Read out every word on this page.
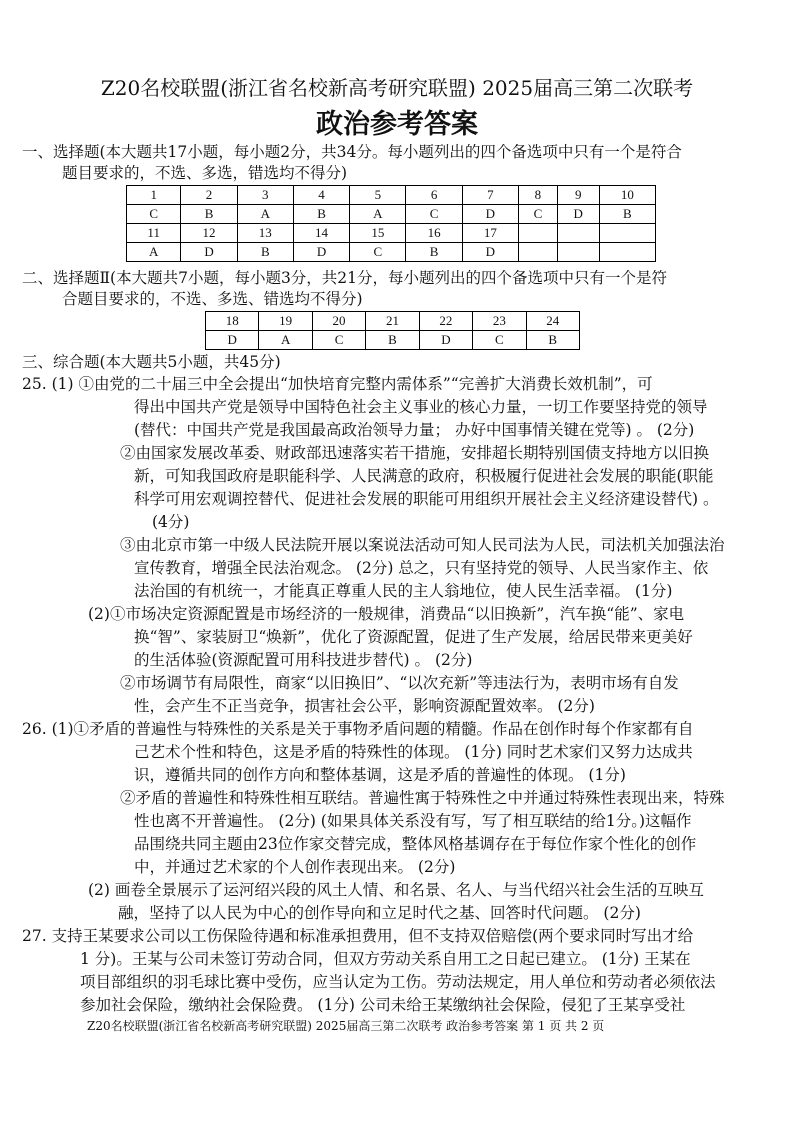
Z20名校联盟(浙江省名校新高考研究联盟) 2025届高三第二次联考
政治参考答案
一、选择题(本大题共17小题，每小题2分，共34分。每小题列出的四个备选项中只有一个是符合
题目要求的，不选、多选，错选均不得分)
1	2	3	4	5	6	7	8	9	10
C	B	A	B	A	C	D	C	D	B
11	12	13	14	15	16	17			
A	D	B	D	C	B	D			
二、选择题Ⅱ(本大题共7小题，每小题3分，共21分，每小题列出的四个备选项中只有一个是符
合题目要求的，不选、多选、错选均不得分)
18	19	20	21	22	23	24
D	A	C	B	D	C	B
三、综合题(本大题共5小题，共45分)
25. (1) ①由党的二十届三中全会提出“加快培育完整内需体系”“完善扩大消费长效机制”，可
得出中国共产党是领导中国特色社会主义事业的核心力量，一切工作要坚持党的领导
(替代：中国共产党是我国最高政治领导力量； 办好中国事情关键在党等) 。 (2分)
②由国家发展改革委、财政部迅速落实若干措施，安排超长期特别国债支持地方以旧换
新，可知我国政府是职能科学、人民满意的政府，积极履行促进社会发展的职能(职能
科学可用宏观调控替代、促进社会发展的职能可用组织开展社会主义经济建设替代) 。
(4分)
③由北京市第一中级人民法院开展以案说法活动可知人民司法为人民，司法机关加强法治
宣传教育，增强全民法治观念。 (2分) 总之，只有坚持党的领导、人民当家作主、依
法治国的有机统一，才能真正尊重人民的主人翁地位，使人民生活幸福。 (1分)
(2)①市场决定资源配置是市场经济的一般规律，消费品“以旧换新”，汽车换“能”、家电
换“智”、家装厨卫“焕新”，优化了资源配置，促进了生产发展，给居民带来更美好
的生活体验(资源配置可用科技进步替代) 。 (2分)
②市场调节有局限性，商家“以旧换旧”、“以次充新”等违法行为，表明市场有自发
性，会产生不正当竞争，损害社会公平，影响资源配置效率。 (2分)
26. (1)①矛盾的普遍性与特殊性的关系是关于事物矛盾问题的精髓。作品在创作时每个作家都有自
己艺术个性和特色，这是矛盾的特殊性的体现。 (1分) 同时艺术家们又努力达成共
识，遵循共同的创作方向和整体基调，这是矛盾的普遍性的体现。 (1分)
②矛盾的普遍性和特殊性相互联结。普遍性寓于特殊性之中并通过特殊性表现出来，特殊
性也离不开普遍性。 (2分) (如果具体关系没有写，写了相互联结的给1分。)这幅作
品围绕共同主题由23位作家交替完成，整体风格基调存在于每位作家个性化的创作
中，并通过艺术家的个人创作表现出来。 (2分)
(2) 画卷全景展示了运河绍兴段的风土人情、和名景、名人、与当代绍兴社会生活的互映互
融，坚持了以人民为中心的创作导向和立足时代之基、回答时代问题。 (2分)
27. 支持王某要求公司以工伤保险待遇和标准承担费用，但不支持双倍赔偿(两个要求同时写出才给
1 分)。王某与公司未签订劳动合同，但双方劳动关系自用工之日起已建立。 (1分) 王某在
项目部组织的羽毛球比赛中受伤，应当认定为工伤。劳动法规定，用人单位和劳动者必须依法
参加社会保险，缴纳社会保险费。 (1分) 公司未给王某缴纳社会保险，侵犯了王某享受社
Z20名校联盟(浙江省名校新高考研究联盟) 2025届高三第二次联考 政治参考答案 第 1 页 共 2 页
